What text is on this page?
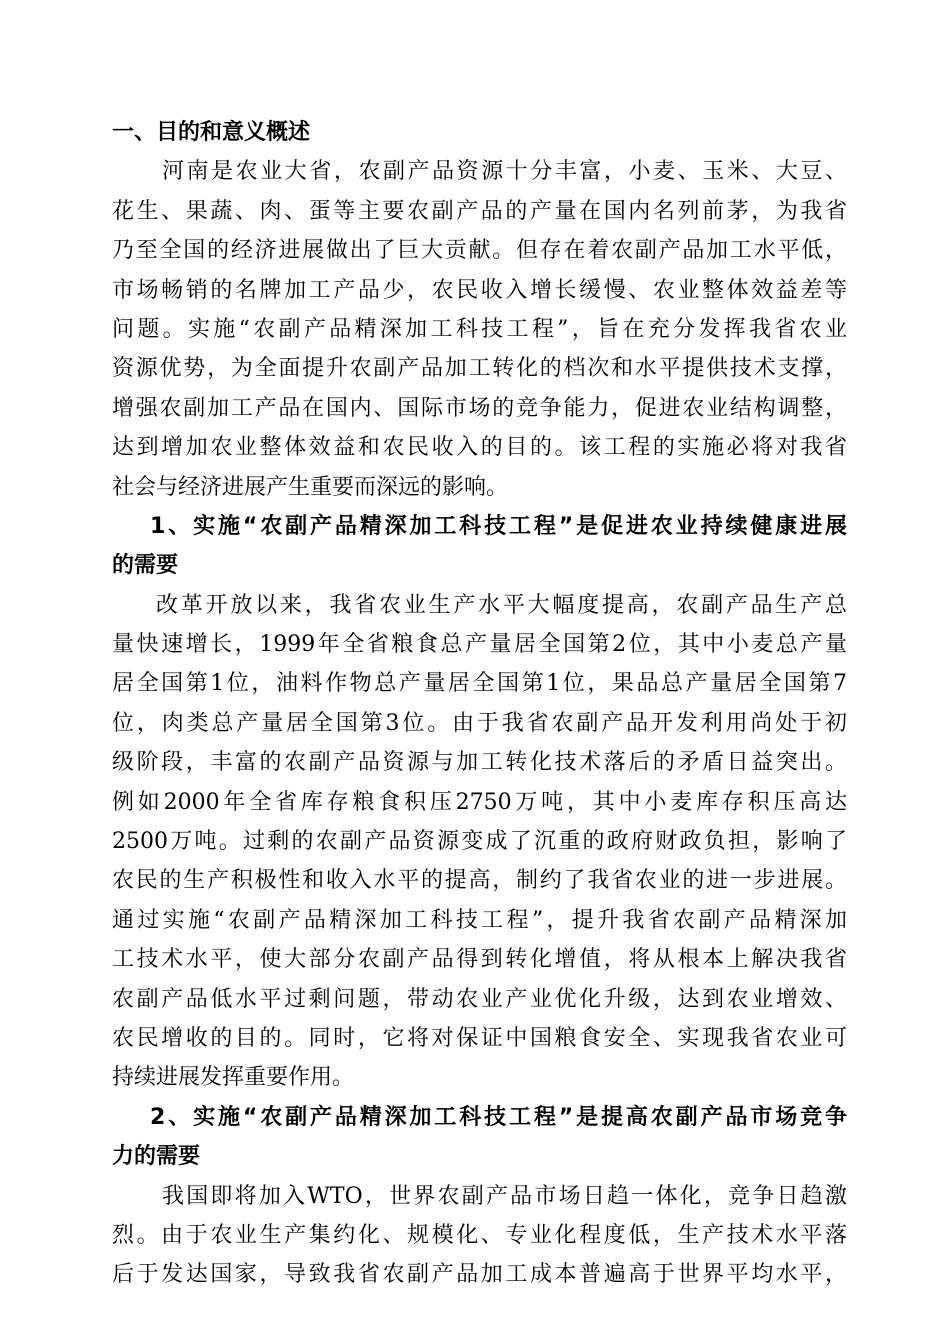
一、目的和意义概述
河南是农业大省，农副产品资源十分丰富，小麦、玉米、大豆、
花生、果蔬、肉、蛋等主要农副产品的产量在国内名列前茅，为我省
乃至全国的经济进展做出了巨大贡献。但存在着农副产品加工水平低，
市场畅销的名牌加工产品少，农民收入增长缓慢、农业整体效益差等
问题。实施“农副产品精深加工科技工程”，旨在充分发挥我省农业
资源优势，为全面提升农副产品加工转化的档次和水平提供技术支撑，
增强农副加工产品在国内、国际市场的竞争能力，促进农业结构调整，
达到增加农业整体效益和农民收入的目的。该工程的实施必将对我省
社会与经济进展产生重要而深远的影响。
1、实施“农副产品精深加工科技工程”是促进农业持续健康进展
的需要
改革开放以来，我省农业生产水平大幅度提高，农副产品生产总
量快速增长，1999年全省粮食总产量居全国第2位，其中小麦总产量
居全国第1位，油料作物总产量居全国第1位，果品总产量居全国第7
位，肉类总产量居全国第3位。由于我省农副产品开发利用尚处于初
级阶段，丰富的农副产品资源与加工转化技术落后的矛盾日益突出。
例如2000年全省库存粮食积压2750万吨，其中小麦库存积压高达
2500万吨。过剩的农副产品资源变成了沉重的政府财政负担，影响了
农民的生产积极性和收入水平的提高，制约了我省农业的进一步进展。
通过实施“农副产品精深加工科技工程”，提升我省农副产品精深加
工技术水平，使大部分农副产品得到转化增值，将从根本上解决我省
农副产品低水平过剩问题，带动农业产业优化升级，达到农业增效、
农民增收的目的。同时，它将对保证中国粮食安全、实现我省农业可
持续进展发挥重要作用。
2、实施“农副产品精深加工科技工程”是提高农副产品市场竞争
力的需要
我国即将加入WTO，世界农副产品市场日趋一体化，竞争日趋激
烈。由于农业生产集约化、规模化、专业化程度低，生产技术水平落
后于发达国家，导致我省农副产品加工成本普遍高于世界平均水平，
